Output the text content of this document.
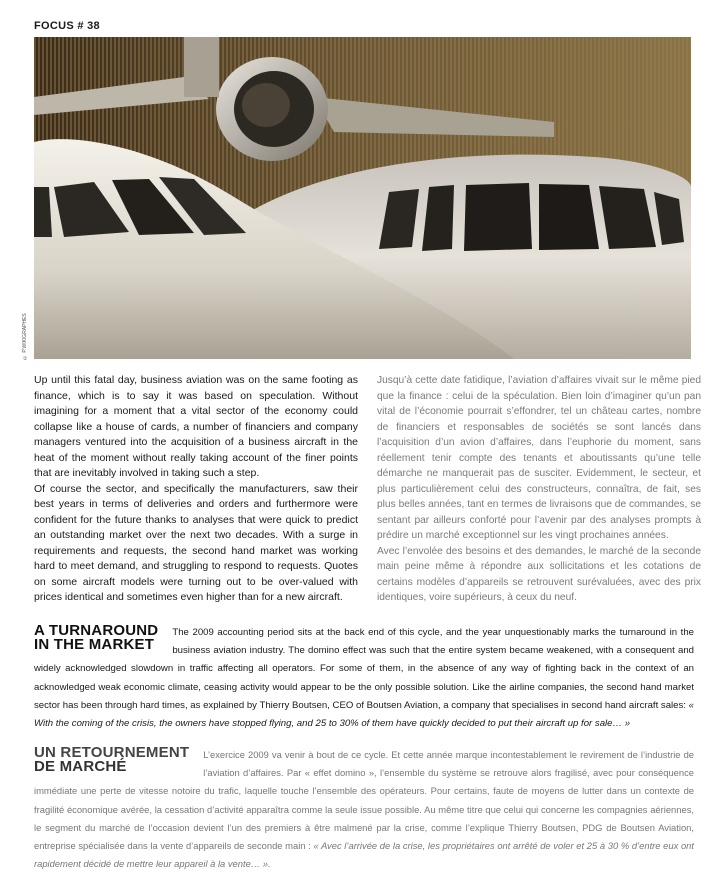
FOCUS # 38
© P.WIKIGRAPHES

Up until this fatal day, business aviation was on the same footing as finance, which is to say it was based on speculation. Without imagining for a moment that a vital sector of the economy could collapse like a house of cards, a number of financiers and company managers ventured into the acquisition of a business aircraft in the heat of the moment without really taking account of the finer points that are inevitably involved in taking such a step.

Of course the sector, and specifically the manufacturers, saw their best years in terms of deliveries and orders and furthermore were confident for the future thanks to analyses that were quick to predict an outstanding market over the next two decades. With a surge in requirements and requests, the second hand market was working hard to meet demand, and struggling to respond to requests. Quotes on some aircraft models were turning out to be over-valued with prices identical and sometimes even higher than for a new aircraft.

Jusqu’à cette date fatidique, l’aviation d’affaires vivait sur le même pied que la finance : celui de la spéculation. Bien loin d’imaginer qu’un pan vital de l’économie pourrait s’effondrer, tel un château cartes, nombre de financiers et responsables de sociétés se sont lancés dans l’acquisition d’un avion d’affaires, dans l’euphorie du moment, sans réellement tenir compte des tenants et aboutissants qu’une telle démarche ne manquerait pas de susciter. Evidemment, le secteur, et plus particulièrement celui des constructeurs, connaîtra, de fait, ses plus belles années, tant en termes de livraisons que de commandes, se sentant par ailleurs conforté pour l’avenir par des analyses prompts à prédire un marché exceptionnel sur les vingt prochaines années.

Avec l’envolée des besoins et des demandes, le marché de la seconde main peine même à répondre aux sollicitations et les cotations de certains modèles d’appareils se retrouvent surévaluées, avec des prix identiques, voire supérieurs, à ceux du neuf.

A TURNAROUND
IN THE MARKET
The 2009 accounting period sits at the back end of this cycle, and the year unquestionably marks the turnaround in the business aviation industry. The domino effect was such that the entire system became weakened, with a consequent and widely acknowledged slowdown in traffic affecting all operators. For some of them, in the absence of any way of fighting back in the context of an acknowledged weak economic climate, ceasing activity would appear to be the only possible solution. Like the airline companies, the second hand market sector has been through hard times, as explained by Thierry Boutsen, CEO of Boutsen Aviation, a company that specialises in second hand aircraft sales: « With the coming of the crisis, the owners have stopped flying, and 25 to 30% of them have quickly decided to put their aircraft up for sale… »
UN RETOURNEMENT
DE MARCHÉ
L’exercice 2009 va venir à bout de ce cycle. Et cette année marque incontestablement le revirement de l’industrie de l’aviation d’affaires. Par « effet domino », l’ensemble du système se retrouve alors fragilisé, avec pour conséquence immédiate une perte de vitesse notoire du trafic, laquelle touche l’ensemble des opérateurs. Pour certains, faute de moyens de lutter dans un contexte de fragilité économique avérée, la cessation d’activité apparaîtra comme la seule issue possible. Au même titre que celui qui concerne les compagnies aériennes, le segment du marché de l’occasion devient l’un des premiers à être malmené par la crise, comme l’explique Thierry Boutsen, PDG de Boutsen Aviation, entreprise spécialisée dans la vente d’appareils de seconde main : « Avec l’arrivée de la crise, les propriétaires ont arrêté de voler et 25 à 30 % d’entre eux ont rapidement décidé de mettre leur appareil à la vente… ».
